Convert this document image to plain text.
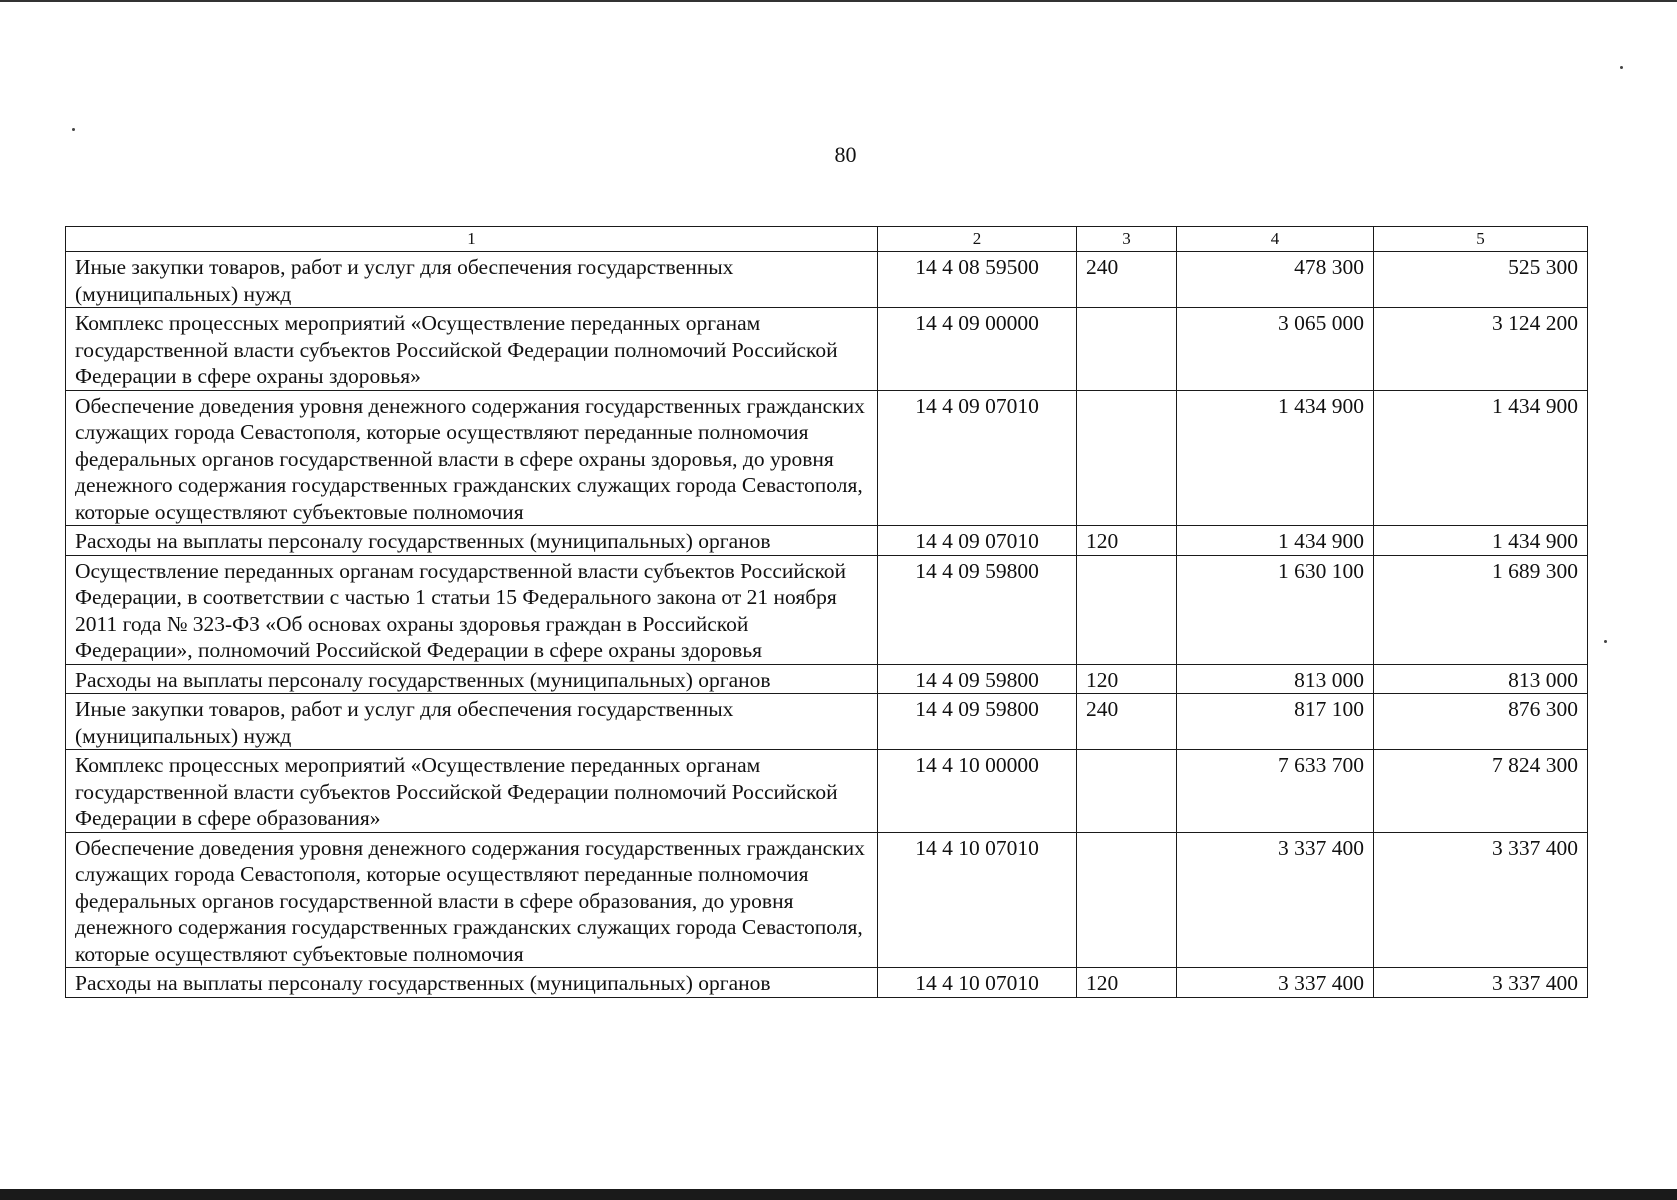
80
1	2	3	4	5
Иные закупки товаров, работ и услуг для обеспечения государственных (муниципальных) нужд	14 4 08 59500	240	478 300	525 300
Комплекс процессных мероприятий «Осуществление переданных органам государственной власти субъектов Российской Федерации полномочий Российской Федерации в сфере охраны здоровья»	14 4 09 00000		3 065 000	3 124 200
Обеспечение доведения уровня денежного содержания государственных гражданских служащих города Севастополя, которые осуществляют переданные полномочия федеральных органов государственной власти в сфере охраны здоровья, до уровня денежного содержания государственных гражданских служащих города Севастополя, которые осуществляют субъектовые полномочия	14 4 09 07010		1 434 900	1 434 900
Расходы на выплаты персоналу государственных (муниципальных) органов	14 4 09 07010	120	1 434 900	1 434 900
Осуществление переданных органам государственной власти субъектов Российской Федерации, в соответствии с частью 1 статьи 15 Федерального закона от 21 ноября 2011 года № 323-ФЗ «Об основах охраны здоровья граждан в Российской Федерации», полномочий Российской Федерации в сфере охраны здоровья	14 4 09 59800		1 630 100	1 689 300
Расходы на выплаты персоналу государственных (муниципальных) органов	14 4 09 59800	120	813 000	813 000
Иные закупки товаров, работ и услуг для обеспечения государственных (муниципальных) нужд	14 4 09 59800	240	817 100	876 300
Комплекс процессных мероприятий «Осуществление переданных органам государственной власти субъектов Российской Федерации полномочий Российской Федерации в сфере образования»	14 4 10 00000		7 633 700	7 824 300
Обеспечение доведения уровня денежного содержания государственных гражданских служащих города Севастополя, которые осуществляют переданные полномочия федеральных органов государственной власти в сфере образования, до уровня денежного содержания государственных гражданских служащих города Севастополя, которые осуществляют субъектовые полномочия	14 4 10 07010		3 337 400	3 337 400
Расходы на выплаты персоналу государственных (муниципальных) органов	14 4 10 07010	120	3 337 400	3 337 400
